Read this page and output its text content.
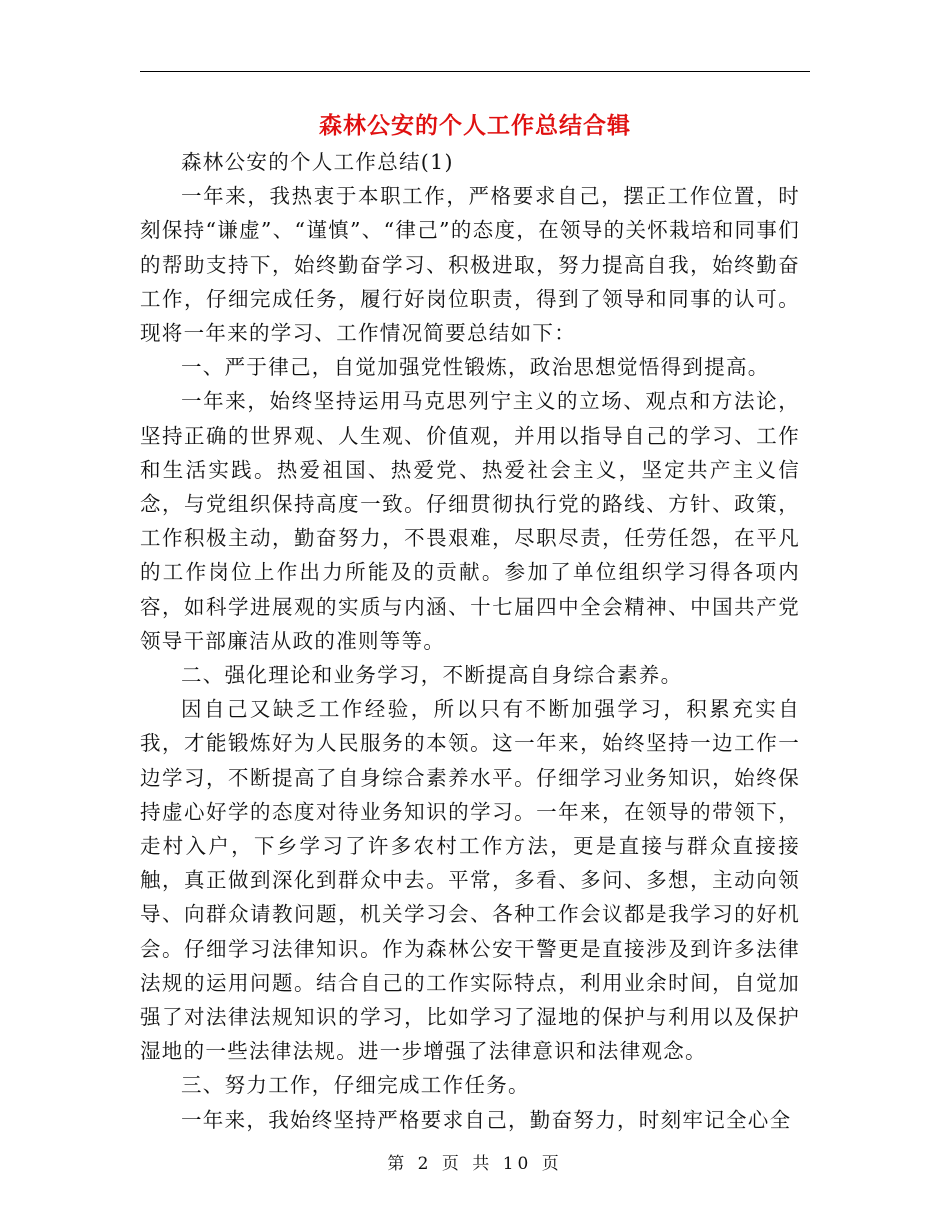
森林公安的个人工作总结合辑

森林公安的个人工作总结(1)

一年来，我热衷于本职工作，严格要求自己，摆正工作位置，时刻保持“谦虚”、“谨慎”、“律己”的态度，在领导的关怀栽培和同事们的帮助支持下，始终勤奋学习、积极进取，努力提高自我，始终勤奋工作，仔细完成任务，履行好岗位职责，得到了领导和同事的认可。现将一年来的学习、工作情况简要总结如下：

一、严于律己，自觉加强党性锻炼，政治思想觉悟得到提高。

一年来，始终坚持运用马克思列宁主义的立场、观点和方法论，坚持正确的世界观、人生观、价值观，并用以指导自己的学习、工作和生活实践。热爱祖国、热爱党、热爱社会主义，坚定共产主义信念，与党组织保持高度一致。仔细贯彻执行党的路线、方针、政策，工作积极主动，勤奋努力，不畏艰难，尽职尽责，任劳任怨，在平凡的工作岗位上作出力所能及的贡献。参加了单位组织学习得各项内容，如科学进展观的实质与内涵、十七届四中全会精神、中国共产党领导干部廉洁从政的准则等等。

二、强化理论和业务学习，不断提高自身综合素养。

因自己又缺乏工作经验，所以只有不断加强学习，积累充实自我，才能锻炼好为人民服务的本领。这一年来，始终坚持一边工作一边学习，不断提高了自身综合素养水平。仔细学习业务知识，始终保持虚心好学的态度对待业务知识的学习。一年来，在领导的带领下，走村入户，下乡学习了许多农村工作方法，更是直接与群众直接接触，真正做到深化到群众中去。平常，多看、多问、多想，主动向领导、向群众请教问题，机关学习会、各种工作会议都是我学习的好机会。仔细学习法律知识。作为森林公安干警更是直接涉及到许多法律法规的运用问题。结合自己的工作实际特点，利用业余时间，自觉加强了对法律法规知识的学习，比如学习了湿地的保护与利用以及保护湿地的一些法律法规。进一步增强了法律意识和法律观念。

三、努力工作，仔细完成工作任务。

一年来，我始终坚持严格要求自己，勤奋努力，时刻牢记全心全

第 2 页 共 10 页
